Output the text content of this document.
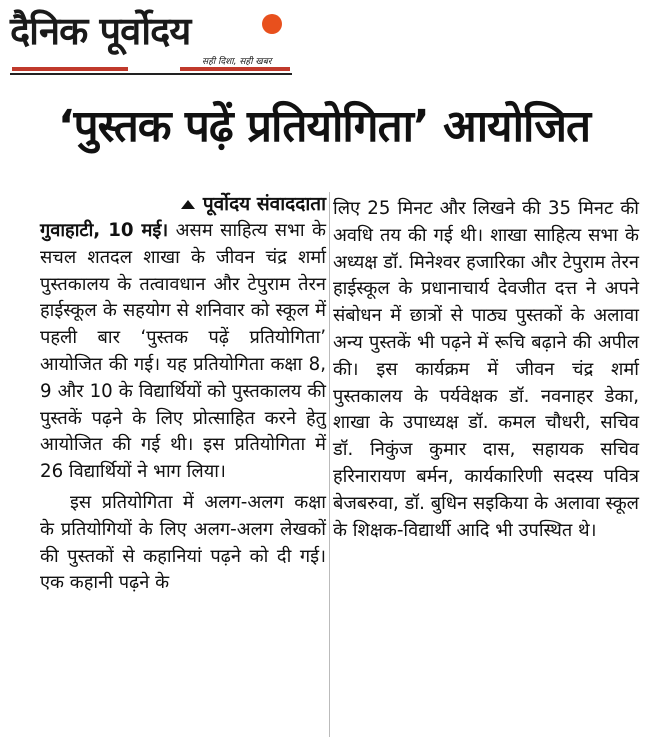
दैनिक पूर्वोदय
सही दिशा, सही खबर
‘पुस्तक पढ़ें प्रतियोगिता’ आयोजित
पूर्वोदय संवाददाता

गुवाहाटी, 10 मई। असम साहित्य सभा के सचल शतदल शाखा के जीवन चंद्र शर्मा पुस्तकालय के तत्वावधान और टेपुराम तेरन हाईस्कूल के सहयोग से शनिवार को स्कूल में पहली बार ‘पुस्तक पढ़ें प्रतियोगिता’ आयोजित की गई। यह प्रतियोगिता कक्षा 8, 9 और 10 के विद्यार्थियों को पुस्तकालय की पुस्तकें पढ़ने के लिए प्रोत्साहित करने हेतु आयोजित की गई थी। इस प्रतियोगिता में 26 विद्यार्थियों ने भाग लिया।

इस प्रतियोगिता में अलग-अलग कक्षा के प्रतियोगियों के लिए अलग-अलग लेखकों की पुस्तकों से कहानियां पढ़ने को दी गई। एक कहानी पढ़ने के

लिए 25 मिनट और लिखने की 35 मिनट की अवधि तय की गई थी। शाखा साहित्य सभा के अध्यक्ष डॉ. मिनेश्वर हजारिका और टेपुराम तेरन हाईस्कूल के प्रधानाचार्य देवजीत दत्त ने अपने संबोधन में छात्रों से पाठ्य पुस्तकों के अलावा अन्य पुस्तकें भी पढ़ने में रूचि बढ़ाने की अपील की। इस कार्यक्रम में जीवन चंद्र शर्मा पुस्तकालय के पर्यवेक्षक डॉ. नवनाहर डेका, शाखा के उपाध्यक्ष डॉ. कमल चौधरी, सचिव डॉ. निकुंज कुमार दास, सहायक सचिव हरिनारायण बर्मन, कार्यकारिणी सदस्य पवित्र बेजबरुवा, डॉ. बुधिन सइकिया के अलावा स्कूल के शिक्षक-विद्यार्थी आदि भी उपस्थित थे।
